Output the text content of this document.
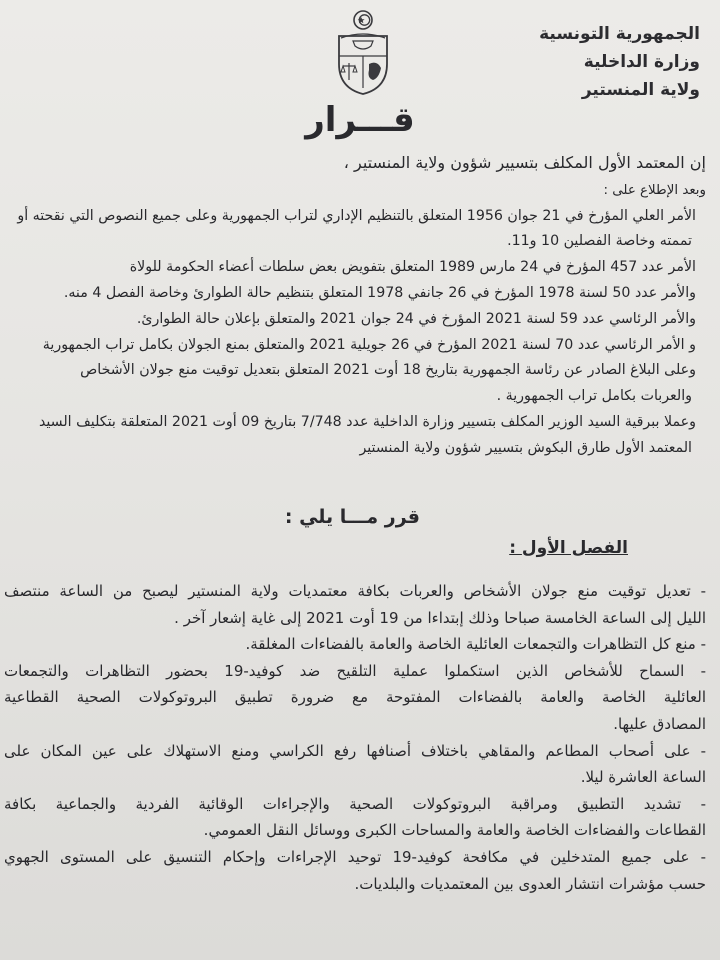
الجمهورية التونسية
وزارة الداخلية
ولاية المنستير
قـــرار
إن المعتمد الأول المكلف بتسيير شؤون ولاية المنستير ،
وبعد الإطلاع على :
الأمر العلي المؤرخ في 21 جوان 1956 المتعلق بالتنظيم الإداري لتراب الجمهورية وعلى جميع النصوص التي نقحته أو
تممته وخاصة الفصلين 10 و11.
الأمر عدد 457 المؤرخ في 24 مارس 1989 المتعلق بتفويض بعض سلطات أعضاء الحكومة للولاة
والأمر عدد 50 لسنة 1978 المؤرخ في 26 جانفي 1978 المتعلق بتنظيم حالة الطوارئ وخاصة الفصل 4 منه.
والأمر الرئاسي عدد 59 لسنة 2021 المؤرخ في 24 جوان 2021 والمتعلق بإعلان حالة الطوارئ.
و الأمر الرئاسي عدد 70 لسنة 2021 المؤرخ في 26 جويلية 2021 والمتعلق بمنع الجولان بكامل تراب الجمهورية
وعلى البلاغ الصادر عن رئاسة الجمهورية بتاريخ 18 أوت 2021 المتعلق بتعديل توقيت منع جولان الأشخاص
والعربات بكامل تراب الجمهورية .
وعملا ببرقية السيد الوزير المكلف بتسيير وزارة الداخلية عدد 7/748 بتاريخ 09 أوت 2021 المتعلقة بتكليف السيد
المعتمد الأول طارق البكوش بتسيير شؤون ولاية المنستير
قرر مـــا يلي :
الفصل الأول :
- تعديل توقيت منع جولان الأشخاص والعربات بكافة معتمديات ولاية المنستير ليصبح من الساعة منتصف
الليل إلى الساعة الخامسة صباحا وذلك إبتداءا من 19 أوت 2021 إلى غاية إشعار آخر .
- منع كل التظاهرات والتجمعات العائلية الخاصة والعامة بالفضاءات المغلقة.
- السماح للأشخاص الذين استكملوا عملية التلقيح ضد كوفيد-19 بحضور التظاهرات والتجمعات
العائلية الخاصة والعامة بالفضاءات المفتوحة مع ضرورة تطبيق البروتوكولات الصحية القطاعية
المصادق عليها.
- على أصحاب المطاعم والمقاهي باختلاف أصنافها رفع الكراسي ومنع الاستهلاك على عين المكان على
الساعة العاشرة ليلا.
- تشديد التطبيق ومراقبة البروتوكولات الصحية والإجراءات الوقائية الفردية والجماعية بكافة
القطاعات والفضاءات الخاصة والعامة والمساحات الكبرى ووسائل النقل العمومي.
- على جميع المتدخلين في مكافحة كوفيد-19 توحيد الإجراءات وإحكام التنسيق على المستوى الجهوي
حسب مؤشرات انتشار العدوى بين المعتمديات والبلديات.
